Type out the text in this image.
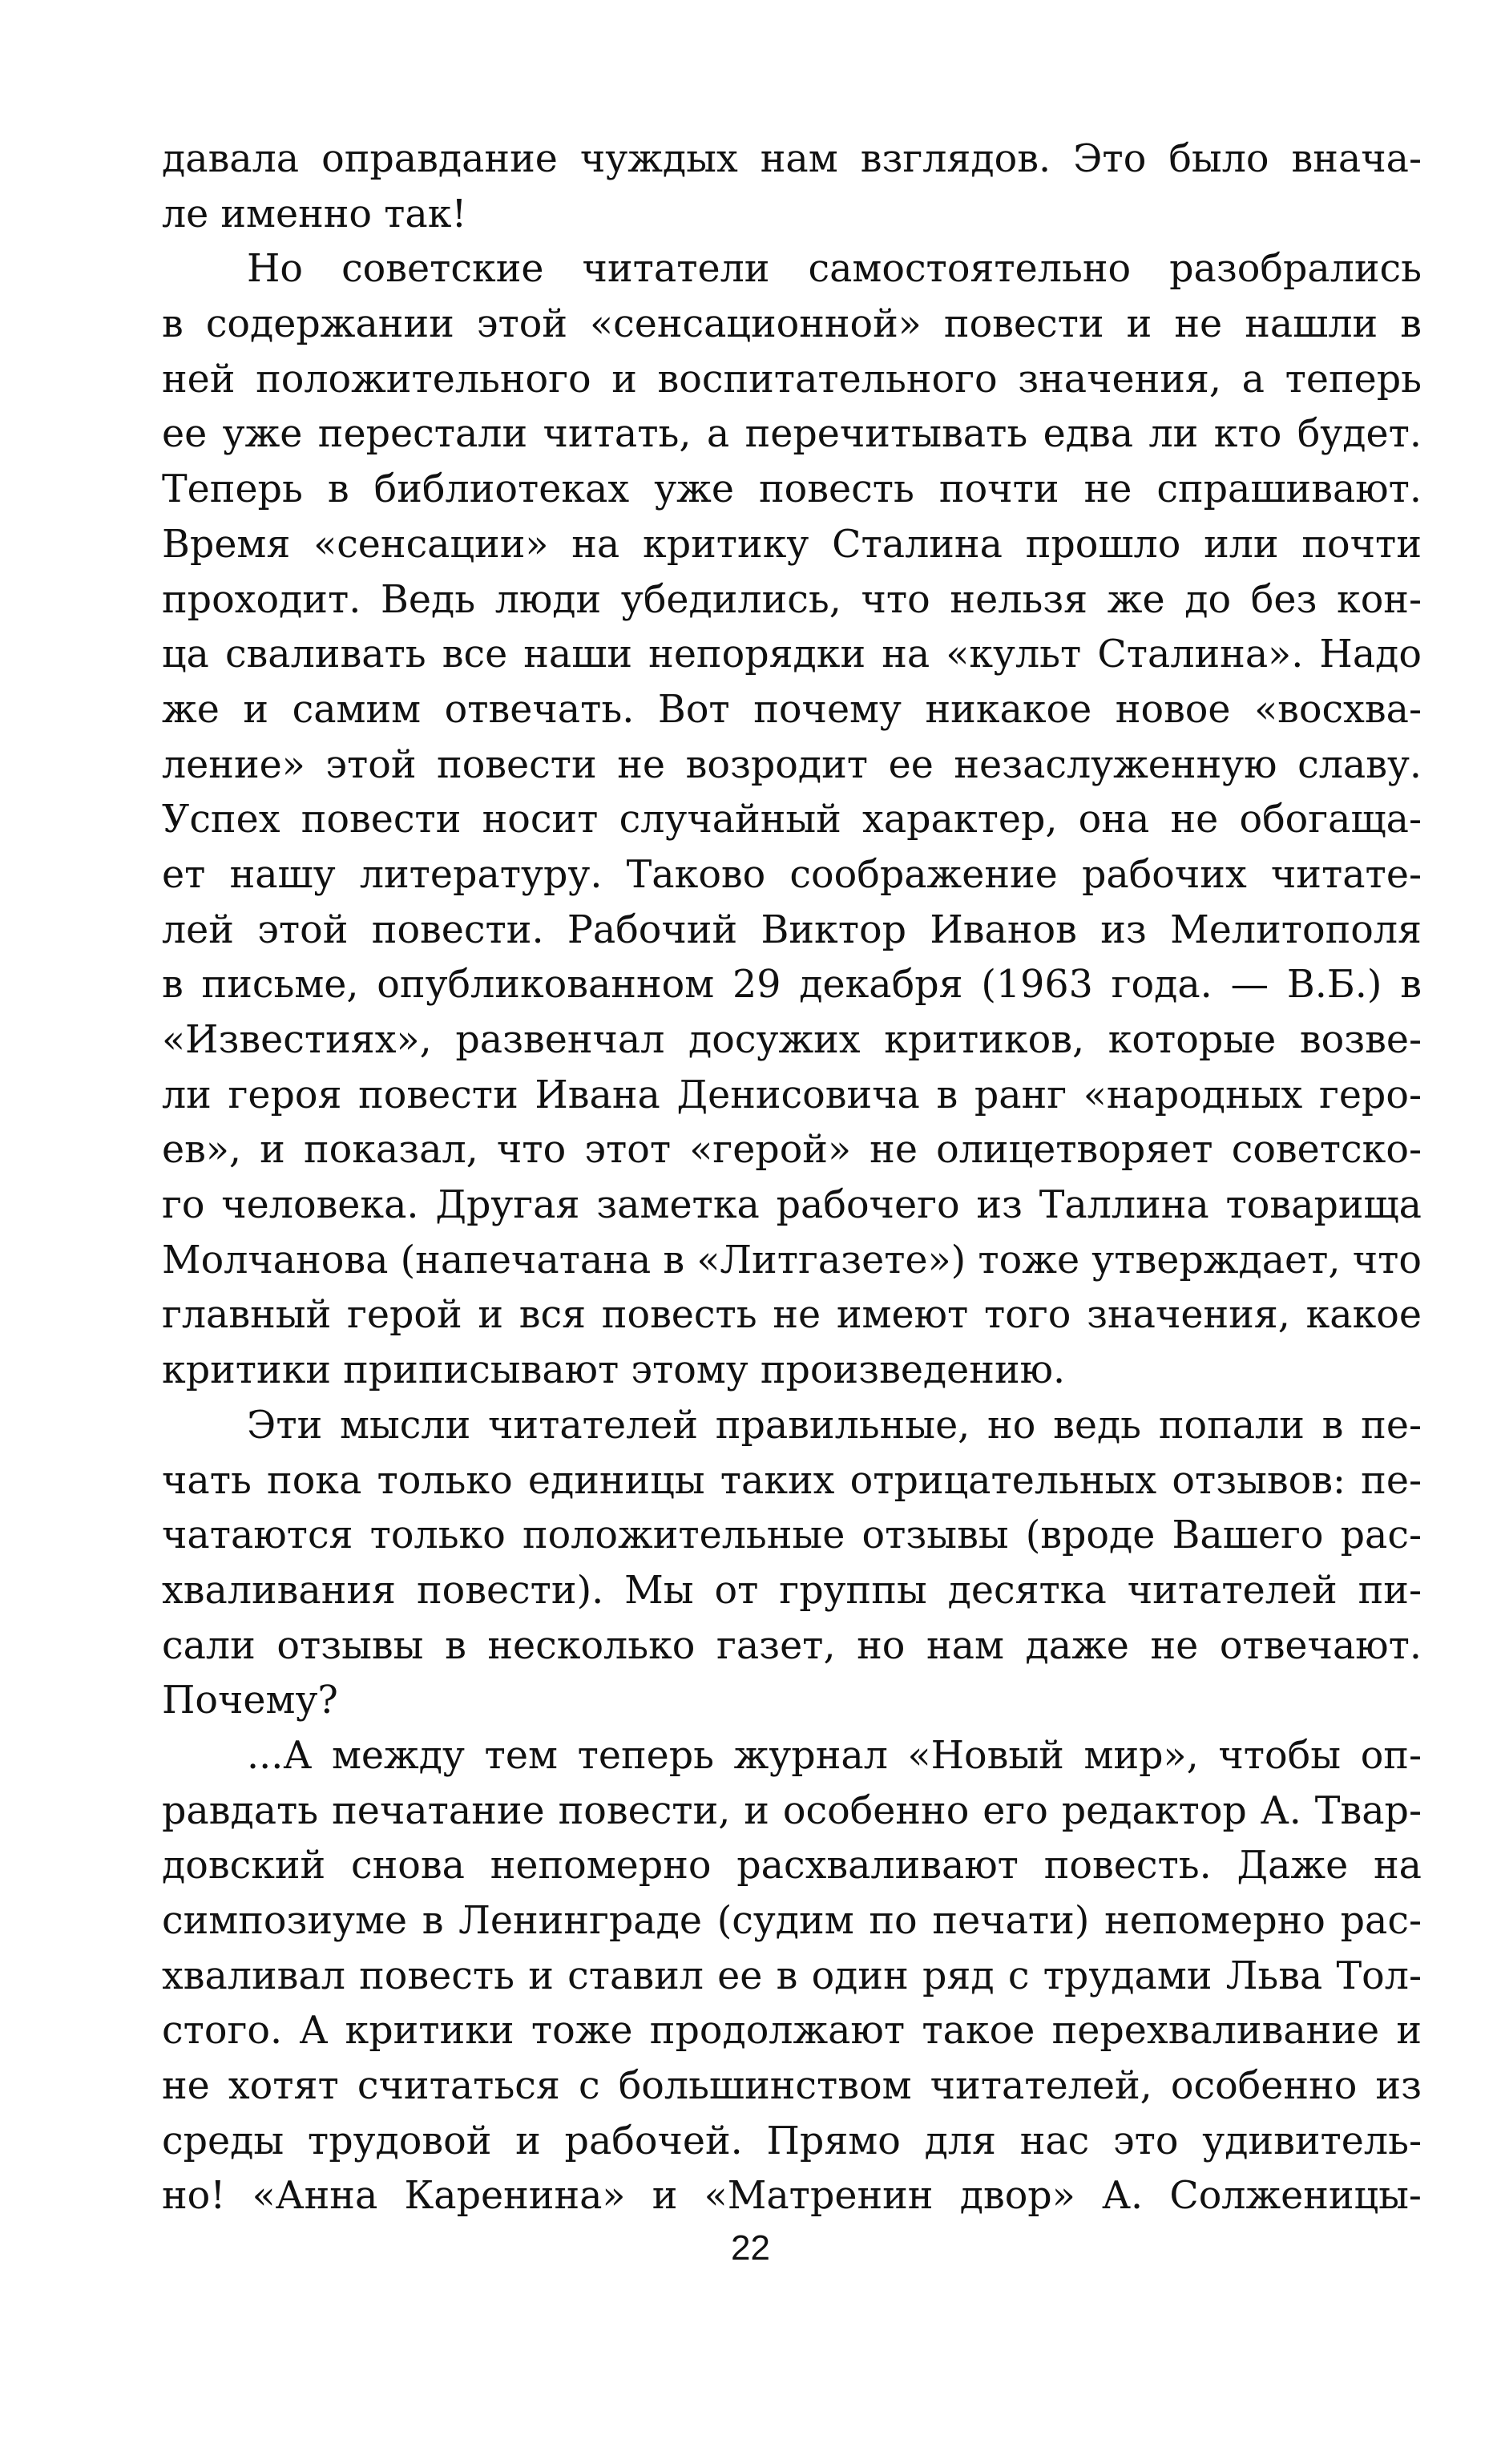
давала оправдание чуждых нам взглядов. Это было внача-
ле именно так!
Но советские читатели самостоятельно разобрались
в содержании этой «сенсационной» повести и не нашли в
ней положительного и воспитательного значения, а теперь
ее уже перестали читать, а перечитывать едва ли кто будет.
Теперь в библиотеках уже повесть почти не спрашивают.
Время «сенсации» на критику Сталина прошло или почти
проходит. Ведь люди убедились, что нельзя же до без кон-
ца сваливать все наши непорядки на «культ Сталина». Надо
же и самим отвечать. Вот почему никакое новое «восхва-
ление» этой повести не возродит ее незаслуженную славу.
Успех повести носит случайный характер, она не обогаща-
ет нашу литературу. Таково соображение рабочих читате-
лей этой повести. Рабочий Виктор Иванов из Мелитополя
в письме, опубликованном 29 декабря (1963 года. — В.Б.) в
«Известиях», развенчал досужих критиков, которые возве-
ли героя повести Ивана Денисовича в ранг «народных геро-
ев», и показал, что этот «герой» не олицетворяет советско-
го человека. Другая заметка рабочего из Таллина товарища
Молчанова (напечатана в «Литгазете») тоже утверждает, что
главный герой и вся повесть не имеют того значения, какое
критики приписывают этому произведению.
Эти мысли читателей правильные, но ведь попали в пе-
чать пока только единицы таких отрицательных отзывов: пе-
чатаются только положительные отзывы (вроде Вашего рас-
хваливания повести). Мы от группы десятка читателей пи-
сали отзывы в несколько газет, но нам даже не отвечают.
Почему?
...А между тем теперь журнал «Новый мир», чтобы оп-
равдать печатание повести, и особенно его редактор А. Твар-
довский снова непомерно расхваливают повесть. Даже на
симпозиуме в Ленинграде (судим по печати) непомерно рас-
хваливал повесть и ставил ее в один ряд с трудами Льва Тол-
стого. А критики тоже продолжают такое перехваливание и
не хотят считаться с большинством читателей, особенно из
среды трудовой и рабочей. Прямо для нас это удивитель-
но! «Анна Каренина» и «Матренин двор» А. Солженицы-
22
